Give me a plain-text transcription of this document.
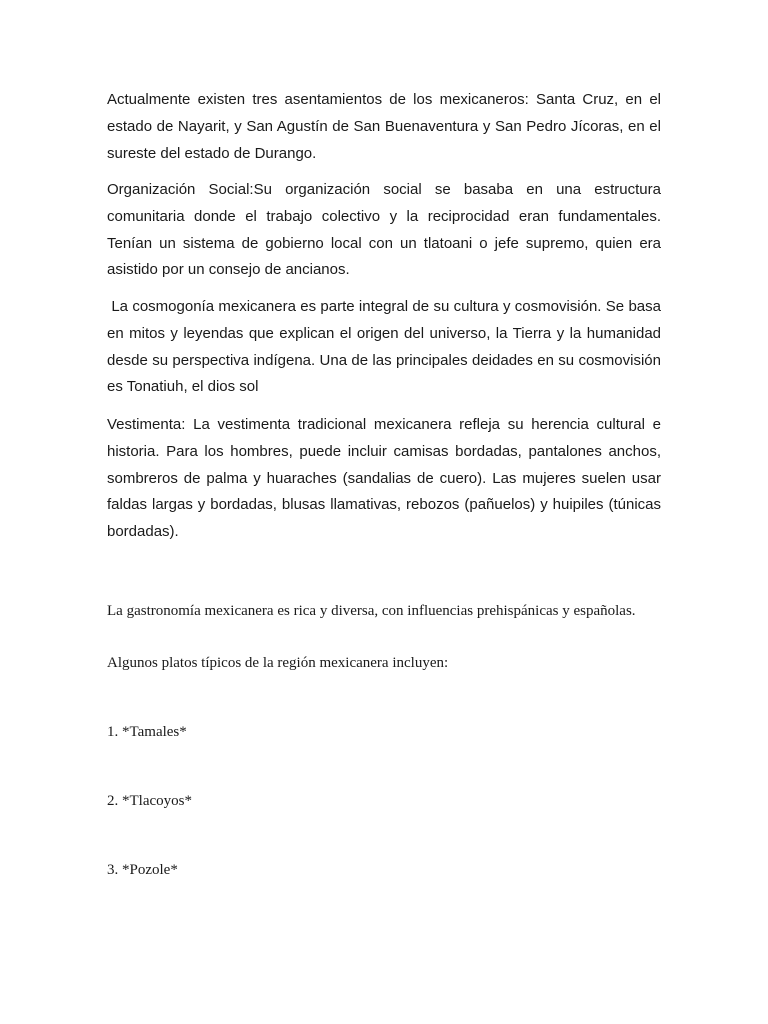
Actualmente existen tres asentamientos de los mexicaneros: Santa Cruz, en el estado de Nayarit, y San Agustín de San Buenaventura y San Pedro Jícoras, en el sureste del estado de Durango.

Organización Social:Su organización social se basaba en una estructura comunitaria donde el trabajo colectivo y la reciprocidad eran fundamentales. Tenían un sistema de gobierno local con un tlatoani o jefe supremo, quien era asistido por un consejo de ancianos.

La cosmogonía mexicanera es parte integral de su cultura y cosmovisión. Se basa en mitos y leyendas que explican el origen del universo, la Tierra y la humanidad desde su perspectiva indígena. Una de las principales deidades en su cosmovisión es Tonatiuh, el dios sol

Vestimenta: La vestimenta tradicional mexicanera refleja su herencia cultural e historia. Para los hombres, puede incluir camisas bordadas, pantalones anchos, sombreros de palma y huaraches (sandalias de cuero). Las mujeres suelen usar faldas largas y bordadas, blusas llamativas, rebozos (pañuelos) y huipiles (túnicas bordadas).

La gastronomía mexicanera es rica y diversa, con influencias prehispánicas y españolas.

Algunos platos típicos de la región mexicanera incluyen:

1. *Tamales*

2. *Tlacoyos*

3. *Pozole*
